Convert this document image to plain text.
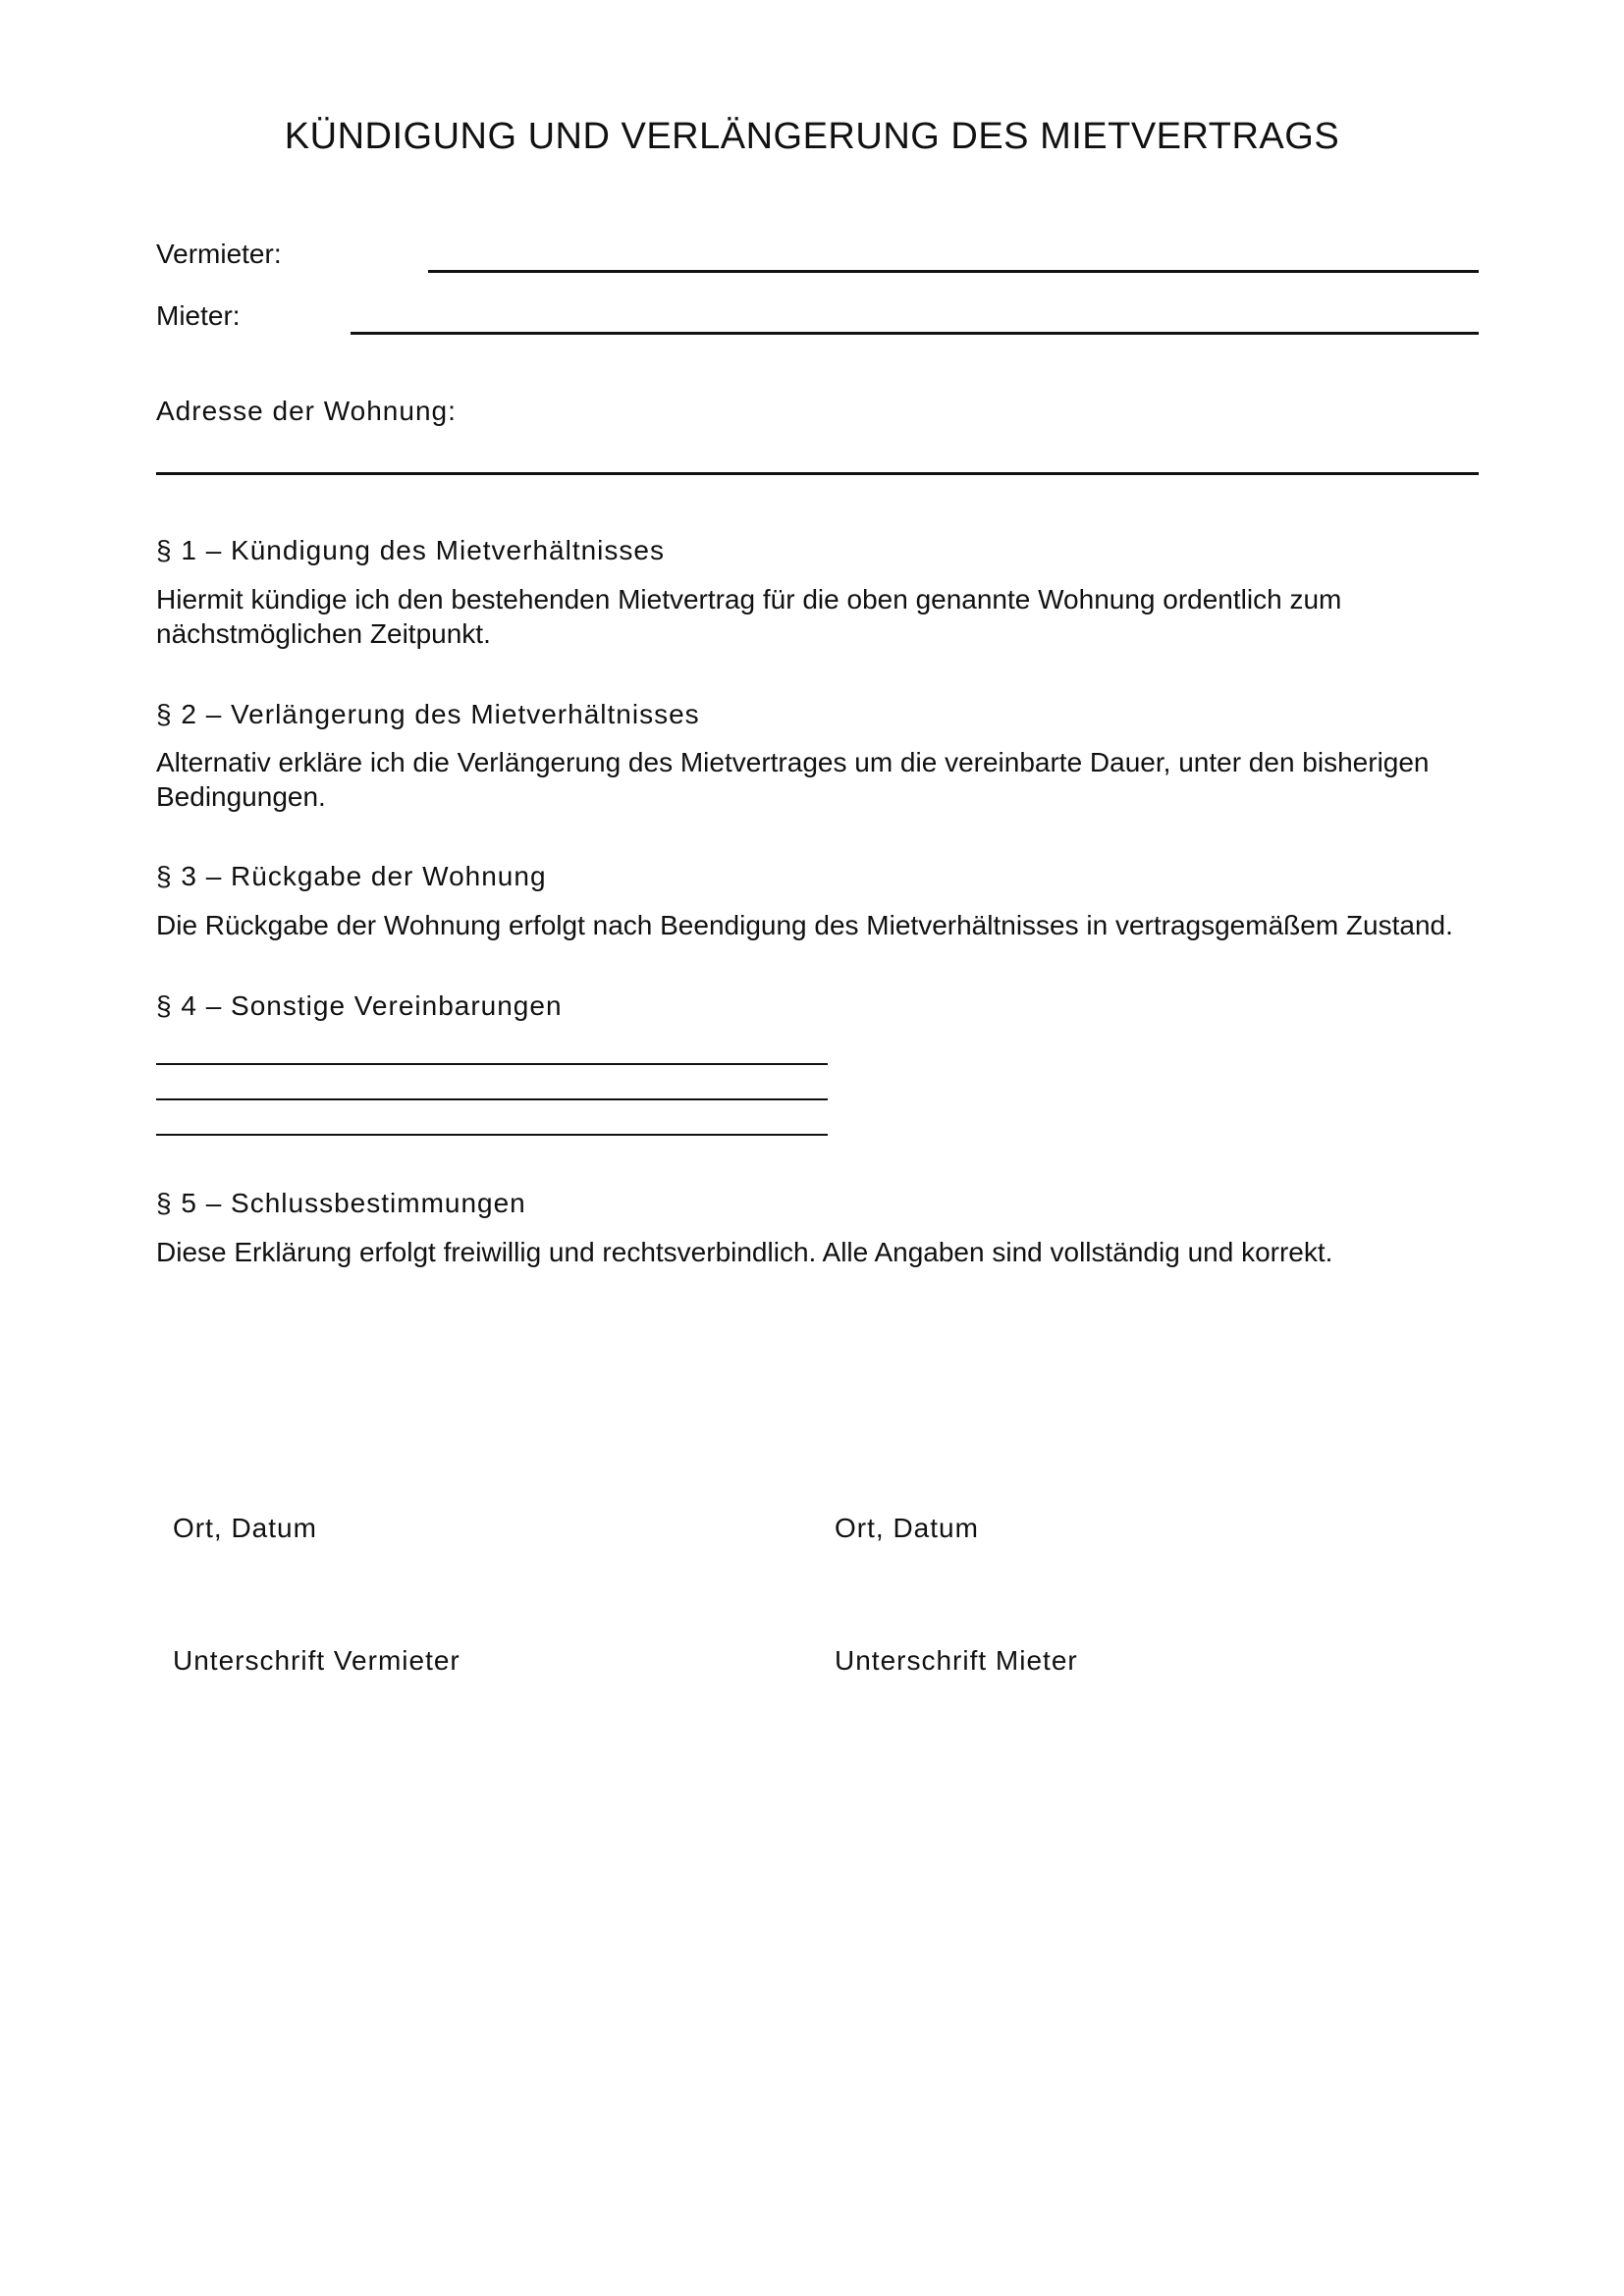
KÜNDIGUNG UND VERLÄNGERUNG DES MIETVERTRAGS
Vermieter:
Mieter:
Adresse der Wohnung:
§ 1 – Kündigung des Mietverhältnisses
Hiermit kündige ich den bestehenden Mietvertrag für die oben genannte Wohnung ordentlich zum nächstmöglichen Zeitpunkt.
§ 2 – Verlängerung des Mietverhältnisses
Alternativ erkläre ich die Verlängerung des Mietvertrages um die vereinbarte Dauer, unter den bisherigen Bedingungen.
§ 3 – Rückgabe der Wohnung
Die Rückgabe der Wohnung erfolgt nach Beendigung des Mietverhältnisses in vertragsgemäßem Zustand.
§ 4 – Sonstige Vereinbarungen
§ 5 – Schlussbestimmungen
Diese Erklärung erfolgt freiwillig und rechtsverbindlich. Alle Angaben sind vollständig und korrekt.
Ort, Datum	Ort, Datum
Unterschrift Vermieter	Unterschrift Mieter
